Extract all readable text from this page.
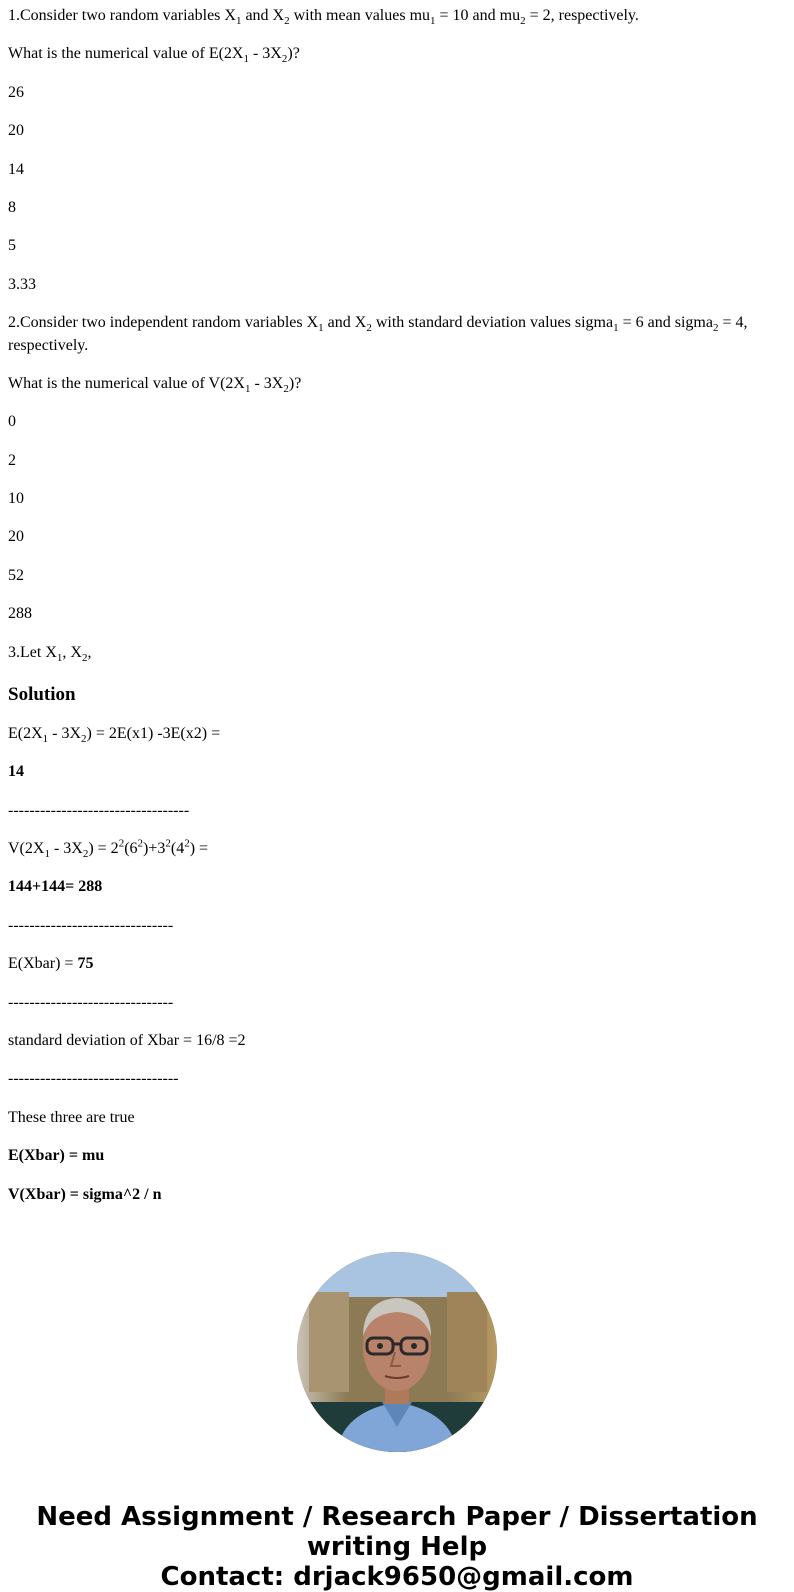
1.Consider two random variables $X_1$ and $X_2$ with mean values $mu_1 = 10$ and $mu_2 = 2$, respectively.

What is the numerical value of $E(2X_1 - 3X_2)$?

26

20

14

8

5

3.33

2.Consider two independent random variables $X_1$ and $X_2$ with standard deviation values sigma$_1$ = 6 and sigma$_2$ = 4, respectively.

What is the numerical value of $V(2X_1 - 3X_2)$?

0

2

10

20

52

288

3.Let $X_1$, $X_2$,

Solution

$E(2X_1 - 3X_2) = 2E(x1) -3E(x2)$ =

14

----------------------------------

$V(2X_1 - 3X_2) = 2^2(6^2)+3^2(4^2)$ =

144+144= 288

-------------------------------

E(Xbar) = 75

-------------------------------

standard deviation of Xbar = 16/8 =2

--------------------------------

These three are true

E(Xbar) = mu

V(Xbar) = sigma^2 / n

Need Assignment / Research Paper / Dissertation
writing Help
Contact: drjack9650@gmail.com
